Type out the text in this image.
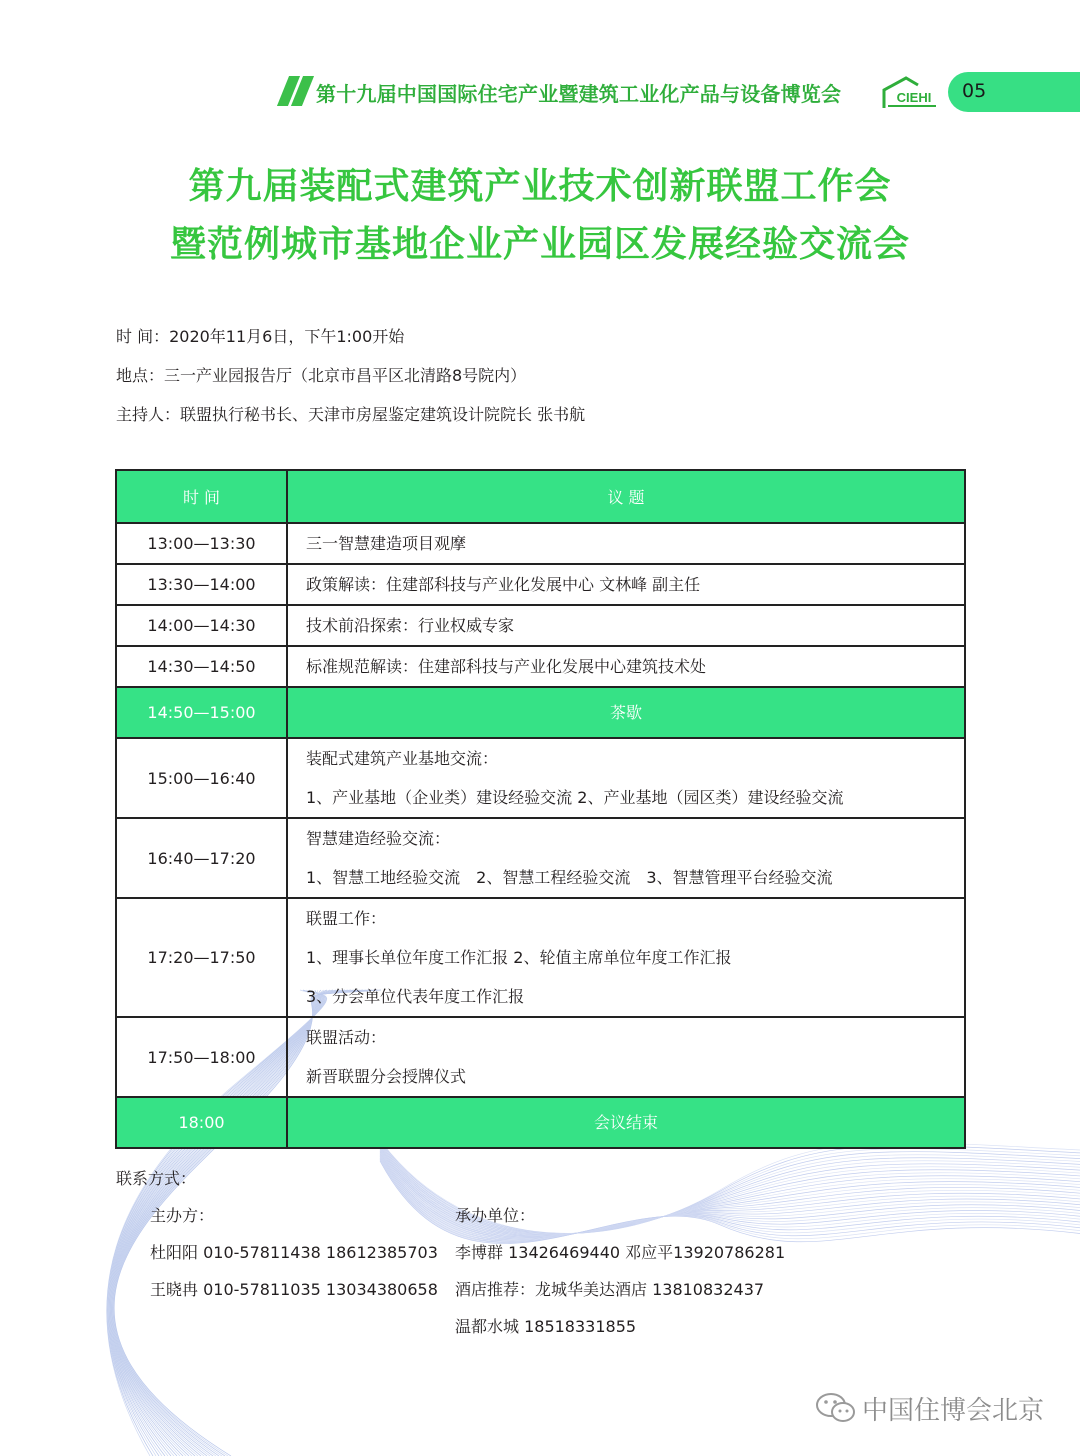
第十九届中国国际住宅产业暨建筑工业化产品与设备博览会	CIEHI 05
第九届装配式建筑产业技术创新联盟工作会
暨范例城市基地企业产业园区发展经验交流会
时 间：2020年11月6日，下午1:00开始
地点：三一产业园报告厅（北京市昌平区北清路8号院内）
主持人：联盟执行秘书长、天津市房屋鉴定建筑设计院院长 张书航
时 间	议 题
13:00—13:30	三一智慧建造项目观摩

13:30—14:00	政策解读：住建部科技与产业化发展中心 文林峰 副主任

14:00—14:30	技术前沿探索：行业权威专家

14:30—14:50	标准规范解读：住建部科技与产业化发展中心建筑技术处

14:50—15:00	茶歇

15:00—16:40	装配式建筑产业基地交流：
1、产业基地（企业类）建设经验交流 2、产业基地（园区类）建设经验交流

16:40—17:20	智慧建造经验交流：
1、智慧工地经验交流　2、智慧工程经验交流　3、智慧管理平台经验交流

17:20—17:50	联盟工作：
1、理事长单位年度工作汇报 2、轮值主席单位年度工作汇报
3、分会单位代表年度工作汇报

17:50—18:00	联盟活动：
新晋联盟分会授牌仪式

18:00	会议结束
联系方式：
主办方：
杜阳阳 010-57811438 18612385703
王晓冉 010-57811035 13034380658
承办单位：
李博群 13426469440 邓应平13920786281
酒店推荐：龙城华美达酒店 13810832437
温都水城 18518331855
中国住博会北京
